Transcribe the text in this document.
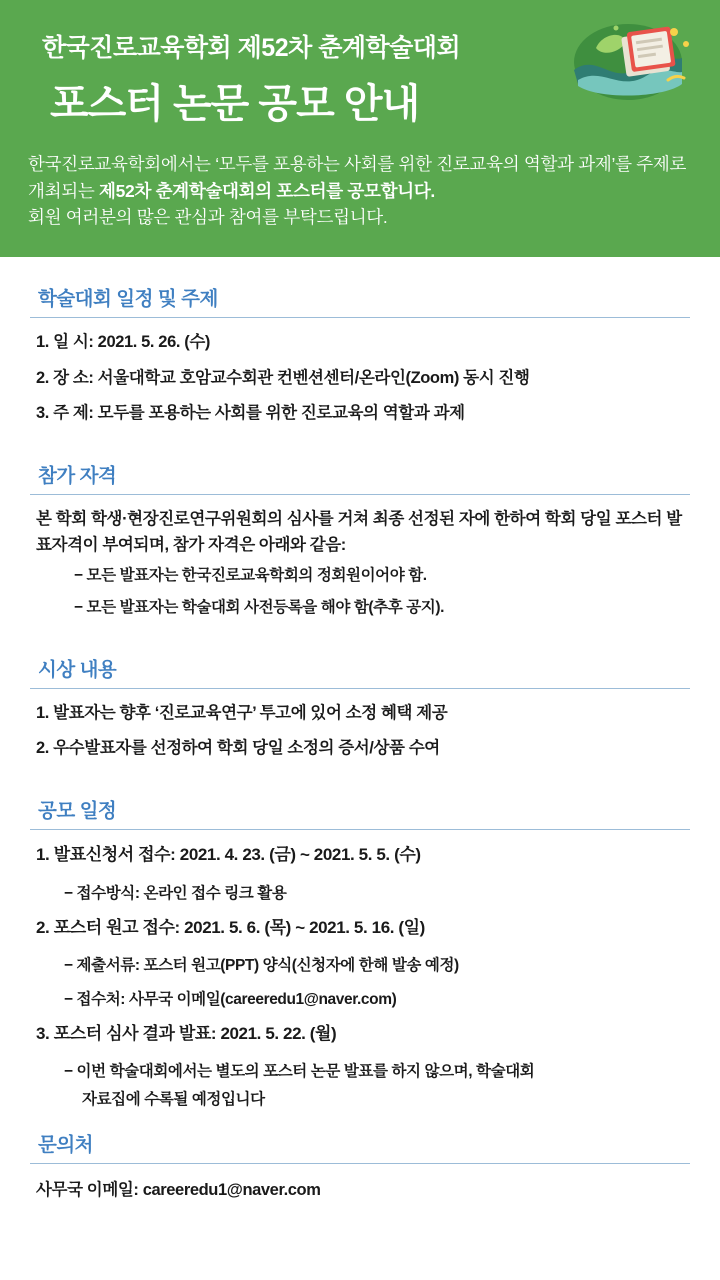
한국진로교육학회 제52차 춘계학술대회
포스터 논문 공모 안내

한국진로교육학회에서는 ‘모두를 포용하는 사회를 위한 진로교육의 역할과 과제’를 주제로 개최되는 제52차 춘계학술대회의 포스터를 공모합니다.
회원 여러분의 많은 관심과 참여를 부탁드립니다.

학술대회 일정 및 주제
1. 일 시: 2021. 5. 26. (수)
2. 장 소: 서울대학교 호암교수회관 컨벤션센터/온라인(Zoom) 동시 진행
3. 주 제: 모두를 포용하는 사회를 위한 진로교육의 역할과 과제
참가 자격
본 학회 학생·현장진로연구위원회의 심사를 거쳐 최종 선정된 자에 한하여 학회 당일 포스터 발표자격이 부여되며, 참가 자격은 아래와 같음:
− 모든 발표자는 한국진로교육학회의 정회원이어야 함.
− 모든 발표자는 학술대회 사전등록을 해야 함(추후 공지).
시상 내용
1. 발표자는 향후 ‘진로교육연구’ 투고에 있어 소정 혜택 제공
2. 우수발표자를 선정하여 학회 당일 소정의 증서/상품 수여
공모 일정
1. 발표신청서 접수: 2021. 4. 23. (금) ~ 2021. 5. 5. (수)
− 접수방식: 온라인 접수 링크 활용
2. 포스터 원고 접수: 2021. 5. 6. (목) ~ 2021. 5. 16. (일)
− 제출서류: 포스터 원고(PPT) 양식(신청자에 한해 발송 예정)
− 접수처: 사무국 이메일(careeredu1@naver.com)
3. 포스터 심사 결과 발표: 2021. 5. 22. (월)
− 이번 학술대회에서는 별도의 포스터 논문 발표를 하지 않으며, 학술대회
자료집에 수록될 예정입니다
문의처
사무국 이메일: careeredu1@naver.com
